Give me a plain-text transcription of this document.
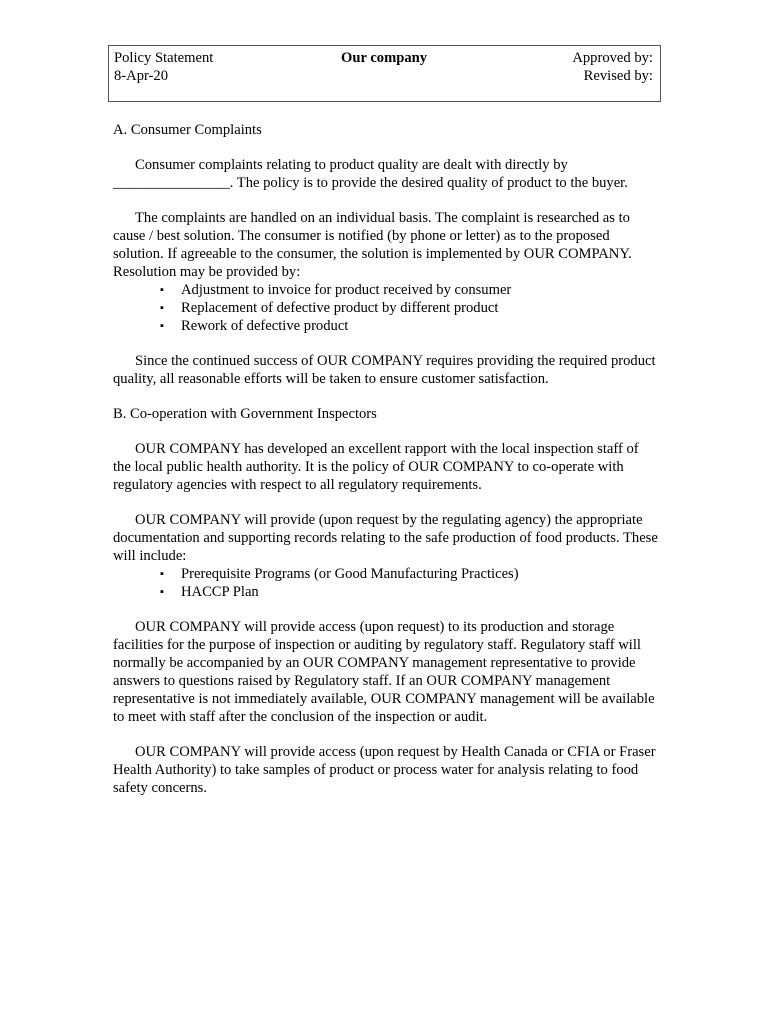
Policy Statement
8-Apr-20
Our company	Approved by:
Revised by:

A. Consumer Complaints

Consumer complaints relating to product quality are dealt with directly by ________________. The policy is to provide the desired quality of product to the buyer.

The complaints are handled on an individual basis. The complaint is researched as to cause / best solution. The consumer is notified (by phone or letter) as to the proposed solution. If agreeable to the consumer, the solution is implemented by OUR COMPANY. Resolution may be provided by:

▪ Adjustment to invoice for product received by consumer
▪ Replacement of defective product by different product
▪ Rework of defective product

Since the continued success of OUR COMPANY requires providing the required product quality, all reasonable efforts will be taken to ensure customer satisfaction.

B. Co-operation with Government Inspectors

OUR COMPANY has developed an excellent rapport with the local inspection staff of the local public health authority. It is the policy of OUR COMPANY to co-operate with regulatory agencies with respect to all regulatory requirements.

OUR COMPANY will provide (upon request by the regulating agency) the appropriate documentation and supporting records relating to the safe production of food products. These will include:

▪ Prerequisite Programs (or Good Manufacturing Practices)
▪ HACCP Plan

OUR COMPANY will provide access (upon request) to its production and storage facilities for the purpose of inspection or auditing by regulatory staff. Regulatory staff will normally be accompanied by an OUR COMPANY management representative to provide answers to questions raised by Regulatory staff. If an OUR COMPANY management representative is not immediately available, OUR COMPANY management will be available to meet with staff after the conclusion of the inspection or audit.

OUR COMPANY will provide access (upon request by Health Canada or CFIA or Fraser Health Authority) to take samples of product or process water for analysis relating to food safety concerns.
